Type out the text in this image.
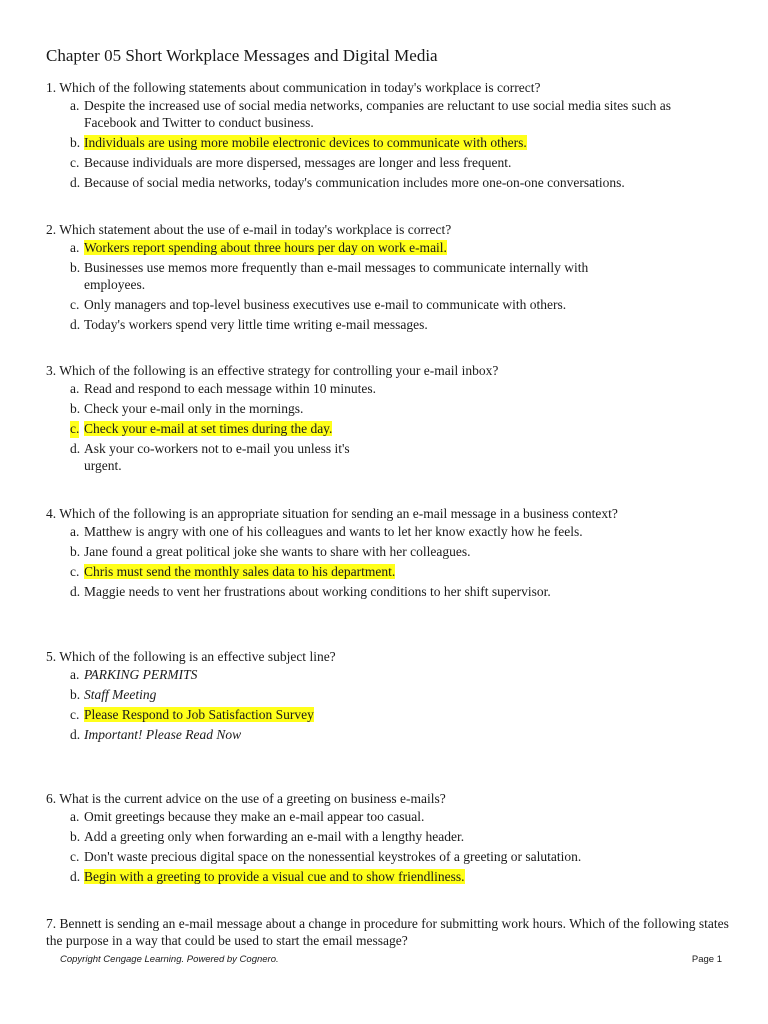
Chapter 05 Short Workplace Messages and Digital Media
1. Which of the following statements about communication in today's workplace is correct?
a. Despite the increased use of social media networks, companies are reluctant to use social media sites such as Facebook and Twitter to conduct business.
b. Individuals are using more mobile electronic devices to communicate with others.
c. Because individuals are more dispersed, messages are longer and less frequent.
d. Because of social media networks, today's communication includes more one-on-one conversations.
2. Which statement about the use of e-mail in today's workplace is correct?
a. Workers report spending about three hours per day on work e-mail.
b. Businesses use memos more frequently than e-mail messages to communicate internally with employees.
c. Only managers and top-level business executives use e-mail to communicate with others.
d. Today's workers spend very little time writing e-mail messages.
3. Which of the following is an effective strategy for controlling your e-mail inbox?
a. Read and respond to each message within 10 minutes.
b. Check your e-mail only in the mornings.
c. Check your e-mail at set times during the day.
d. Ask your co-workers not to e-mail you unless it's urgent.
4. Which of the following is an appropriate situation for sending an e-mail message in a business context?
a. Matthew is angry with one of his colleagues and wants to let her know exactly how he feels.
b. Jane found a great political joke she wants to share with her colleagues.
c. Chris must send the monthly sales data to his department.
d. Maggie needs to vent her frustrations about working conditions to her shift supervisor.
5. Which of the following is an effective subject line?
a. PARKING PERMITS
b. Staff Meeting
c. Please Respond to Job Satisfaction Survey
d. Important! Please Read Now
6. What is the current advice on the use of a greeting on business e-mails?
a. Omit greetings because they make an e-mail appear too casual.
b. Add a greeting only when forwarding an e-mail with a lengthy header.
c. Don't waste precious digital space on the nonessential keystrokes of a greeting or salutation.
d. Begin with a greeting to provide a visual cue and to show friendliness.
7. Bennett is sending an e-mail message about a change in procedure for submitting work hours. Which of the following states the purpose in a way that could be used to start the email message?
Copyright Cengage Learning. Powered by Cognero.	Page 1
